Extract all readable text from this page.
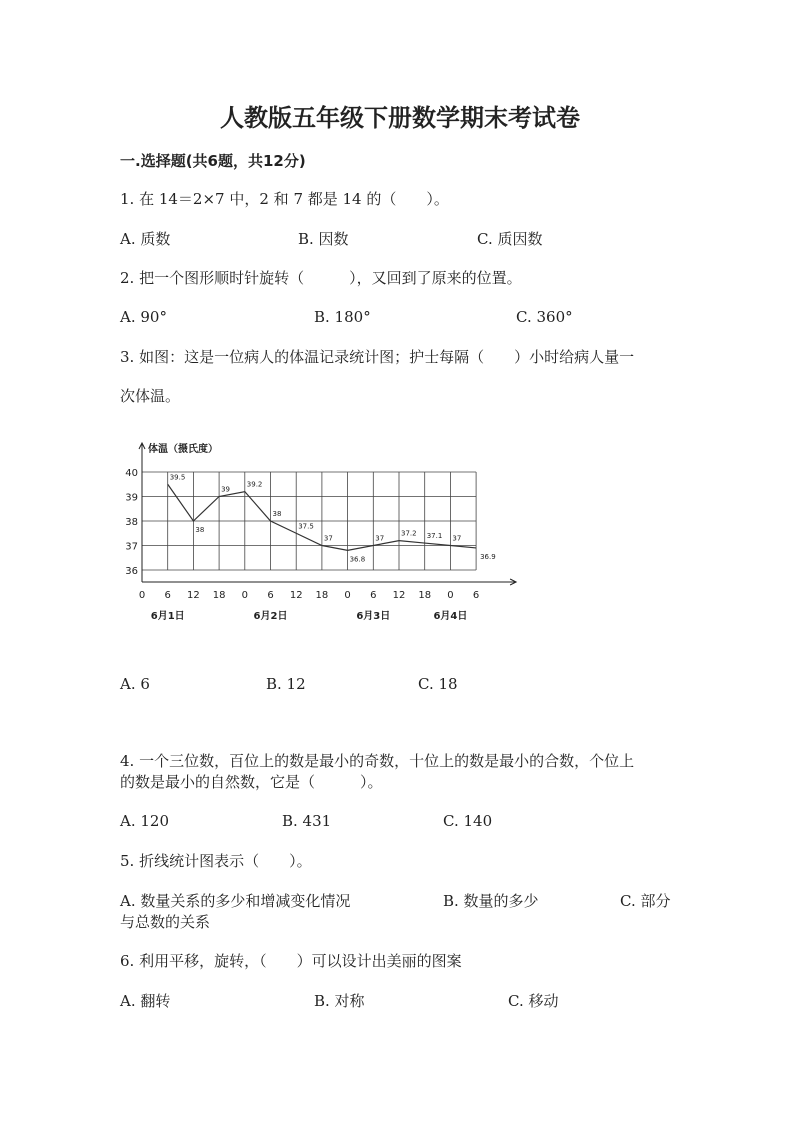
人教版五年级下册数学期末考试卷
一.选择题(共6题，共12分)
1. 在 14＝2×7 中，2 和 7 都是 14 的（　　）。
A. 质数	B. 因数	C. 质因数
2. 把一个图形顺时针旋转（　　　），又回到了原来的位置。
A. 90°	B. 180°	C. 360°
3. 如图：这是一位病人的体温记录统计图；护士每隔（　　）小时给病人量一
次体温。
体温（摄氏度）
36
37
38
39
40
0 6 12 18 0 6 12 18 0 6 12 18 0 6
6月1日	6月2日	6月3日	6月4日
39.5
38
39
39.2
38
37.5
37
36.8
37
37.2 37.1 37
36.9
A. 6	B. 12	C. 18
4. 一个三位数，百位上的数是最小的奇数，十位上的数是最小的合数，个位上
的数是最小的自然数，它是（　　　）。
A. 120	B. 431	C. 140
5. 折线统计图表示（　　）。
A. 数量关系的多少和增减变化情况	B. 数量的多少	C. 部分
与总数的关系
6. 利用平移，旋转，（　　）可以设计出美丽的图案
A. 翻转	B. 对称	C. 移动
